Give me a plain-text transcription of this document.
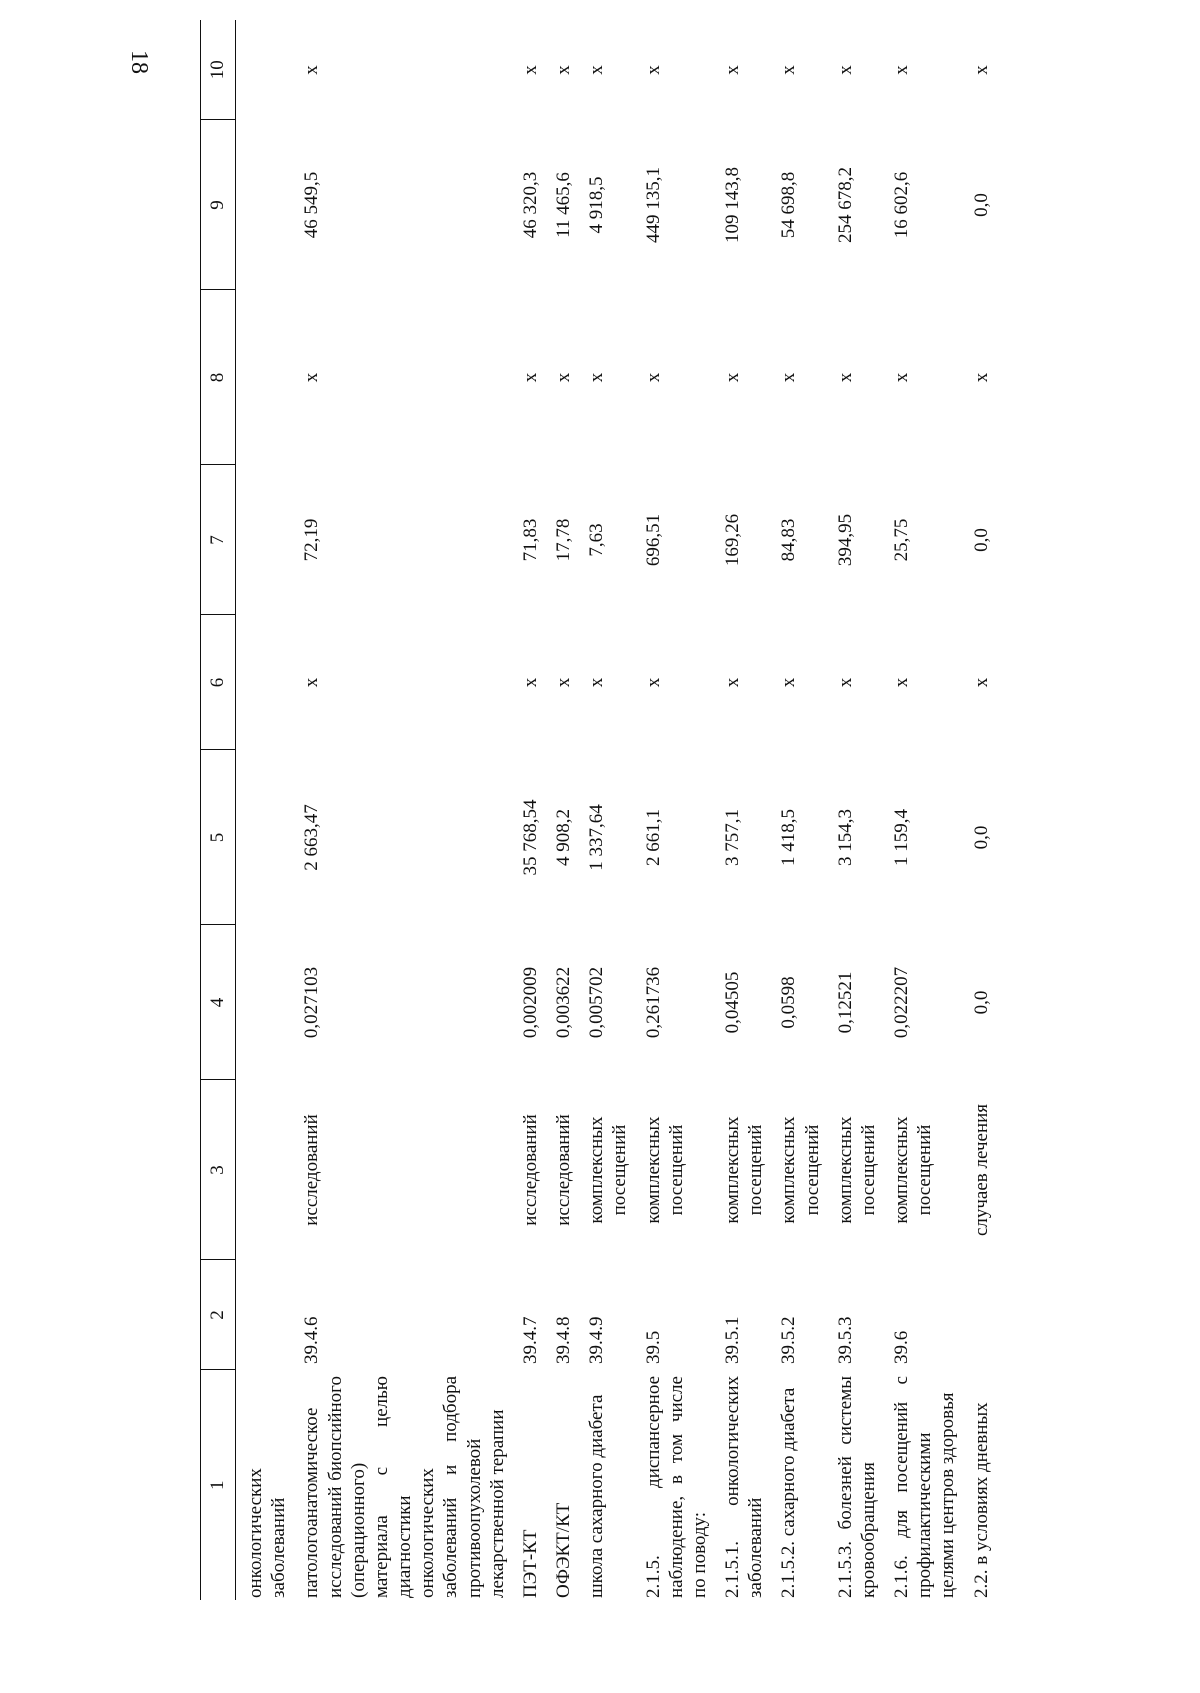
18
1	2	3	4	5	6	7	8	9	10
онкологических заболеваний									
патологоанатомическое исследований биопсийного (операционного) материала с целью диагностики онкологических заболеваний и подбора противоопухолевой лекарственной терапии	39.4.6	исследований	0,027103	2 663,47	х	72,19	х	46 549,5	х
ПЭТ-КТ	39.4.7	исследований	0,002009	35 768,54	х	71,83	х	46 320,3	х
ОФЭКТ/КТ	39.4.8	исследований	0,003622	4 908,2	х	17,78	х	11 465,6	х
школа сахарного диабета	39.4.9	комплексных посещений	0,005702	1 337,64	х	7,63	х	4 918,5	х
2.1.5. диспансерное наблюдение, в том числе по поводу:	39.5	комплексных посещений	0,261736	2 661,1	х	696,51	х	449 135,1	х
2.1.5.1. онкологических заболеваний	39.5.1	комплексных посещений	0,04505	3 757,1	х	169,26	х	109 143,8	х
2.1.5.2. сахарного диабета	39.5.2	комплексных посещений	0,0598	1 418,5	х	84,83	х	54 698,8	х
2.1.5.3. болезней системы кровообращения	39.5.3	комплексных посещений	0,12521	3 154,3	х	394,95	х	254 678,2	х
2.1.6. для посещений с профилактическими целями центров здоровья	39.6	комплексных посещений	0,022207	1 159,4	х	25,75	х	16 602,6	х
2.2. в условиях дневных		случаев лечения	0,0	0,0	х	0,0	х	0,0	х
